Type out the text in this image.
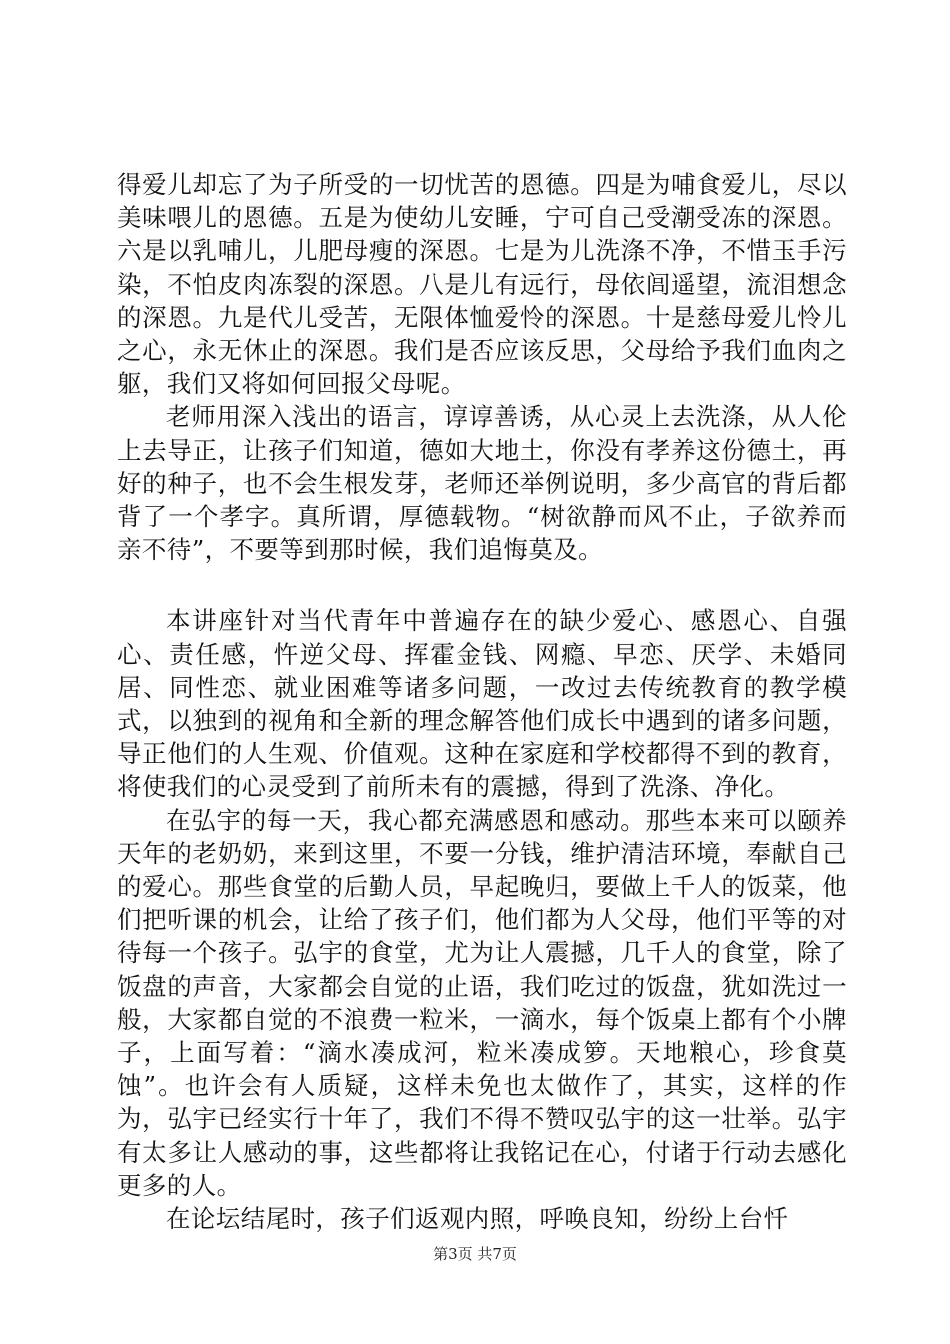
得爱儿却忘了为子所受的一切忧苦的恩德。四是为哺食爱儿，尽以美味喂儿的恩德。五是为使幼儿安睡，宁可自己受潮受冻的深恩。六是以乳哺儿，儿肥母瘦的深恩。七是为儿洗涤不净，不惜玉手污染，不怕皮肉冻裂的深恩。八是儿有远行，母依闾遥望，流泪想念的深恩。九是代儿受苦，无限体恤爱怜的深恩。十是慈母爱儿怜儿之心，永无休止的深恩。我们是否应该反思，父母给予我们血肉之躯，我们又将如何回报父母呢。

老师用深入浅出的语言，谆谆善诱，从心灵上去洗涤，从人伦上去导正，让孩子们知道，德如大地土，你没有孝养这份德土，再好的种子，也不会生根发芽，老师还举例说明，多少高官的背后都背了一个孝字。真所谓，厚德载物。“树欲静而风不止，子欲养而亲不待”，不要等到那时候，我们追悔莫及。

本讲座针对当代青年中普遍存在的缺少爱心、感恩心、自强心、责任感，忤逆父母、挥霍金钱、网瘾、早恋、厌学、未婚同居、同性恋、就业困难等诸多问题，一改过去传统教育的教学模式，以独到的视角和全新的理念解答他们成长中遇到的诸多问题，导正他们的人生观、价值观。这种在家庭和学校都得不到的教育，将使我们的心灵受到了前所未有的震撼，得到了洗涤、净化。

在弘宇的每一天，我心都充满感恩和感动。那些本来可以颐养天年的老奶奶，来到这里，不要一分钱，维护清洁环境，奉献自己的爱心。那些食堂的后勤人员，早起晚归，要做上千人的饭菜，他们把听课的机会，让给了孩子们，他们都为人父母，他们平等的对待每一个孩子。弘宇的食堂，尤为让人震撼，几千人的食堂，除了饭盘的声音，大家都会自觉的止语，我们吃过的饭盘，犹如洗过一般，大家都自觉的不浪费一粒米，一滴水，每个饭桌上都有个小牌子，上面写着：“滴水凑成河，粒米凑成箩。天地粮心，珍食莫蚀”。也许会有人质疑，这样未免也太做作了，其实，这样的作为，弘宇已经实行十年了，我们不得不赞叹弘宇的这一壮举。弘宇有太多让人感动的事，这些都将让我铭记在心，付诸于行动去感化更多的人。

在论坛结尾时，孩子们返观内照，呼唤良知，纷纷上台忏

第3页 共7页
